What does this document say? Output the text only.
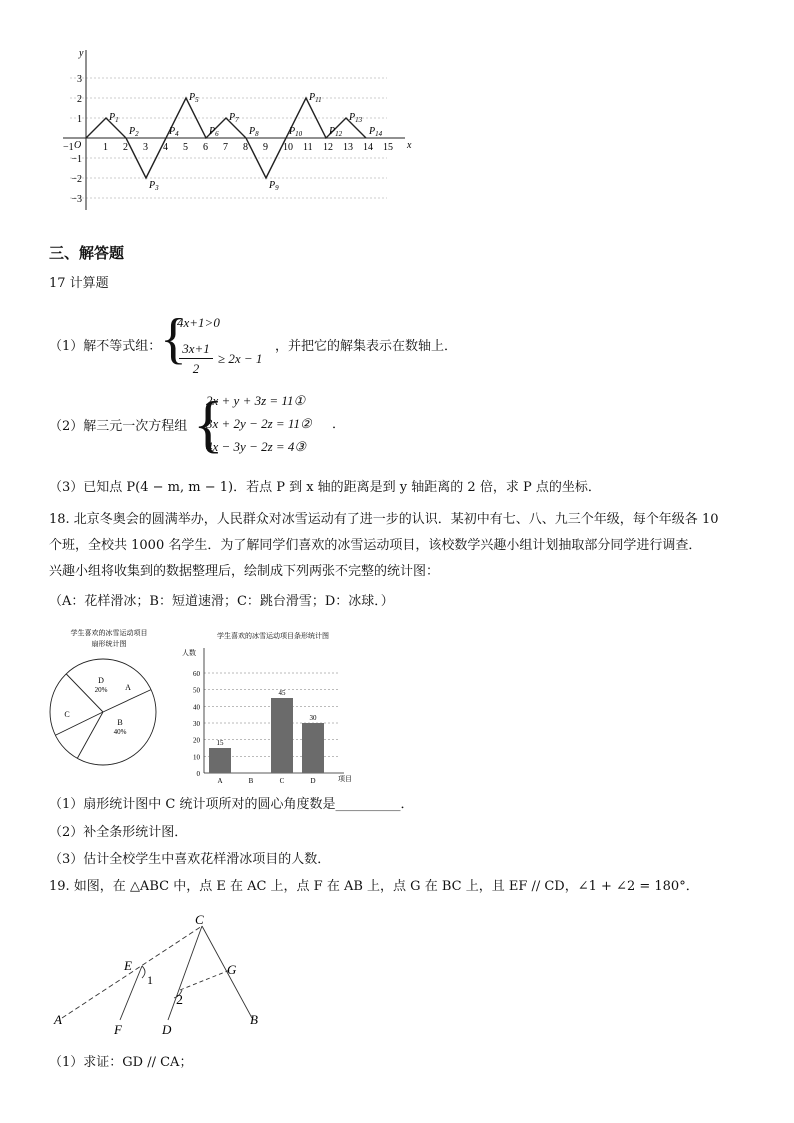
y
x
O
3
2
1
−1
−2
−3
−1	1 2 3 4 5 6 7 8 9 10 11 12 13 14 15
$P_1$
$P_2$
$P_3$
$P_4$
$P_5$
$P_6$
$P_7$
$P_8$
$P_9$
$P_{10}$
$P_{11}$
$P_{12}$
$P_{13}$
$P_{14}$
三、解答题
17 计算题
（1）解不等式组：
{
4x+1>0
3x+1
2
≥ 2x − 1
，并把它的解集表示在数轴上．
（2）解三元一次方程组 {
2x + y + 3z = 11①
3x + 2y − 2z = 11②
4x − 3y − 2z = 4③
．
（3）已知点 P(4 − m, m − 1)．若点 P 到 x 轴的距离是到 y 轴距离的 2 倍，求 P 点的坐标．
18. 北京冬奥会的圆满举办，人民群众对冰雪运动有了进一步的认识．某初中有七、八、九三个年级，每个年级各 10
个班，全校共 1000 名学生．为了解同学们喜欢的冰雪运动项目，该校数学兴趣小组计划抽取部分同学进行调查．
兴趣小组将收集到的数据整理后，绘制成下列两张不完整的统计图：
（A：花样滑冰；B：短道速滑；C：跳台滑雪；D：冰球．）
学生喜欢的冰雪运动项目
扇形统计图
A
B
40%
C
D
20%
学生喜欢的冰雪运动项目条形统计图
人数
项目
0
10
20
30
40
50
60
A
15
B	C
45
D
30
（1）扇形统计图中 C 统计项所对的圆心角度数是__________．
（2）补全条形统计图．
（3）估计全校学生中喜欢花样滑冰项目的人数．
19. 如图，在 △ABC 中，点 E 在 AC 上，点 F 在 AB 上，点 G 在 BC 上，且 EF // CD，∠1 + ∠2 = 180°．
C
E	G
A
F	D
B
1
2
（1）求证：GD // CA；
